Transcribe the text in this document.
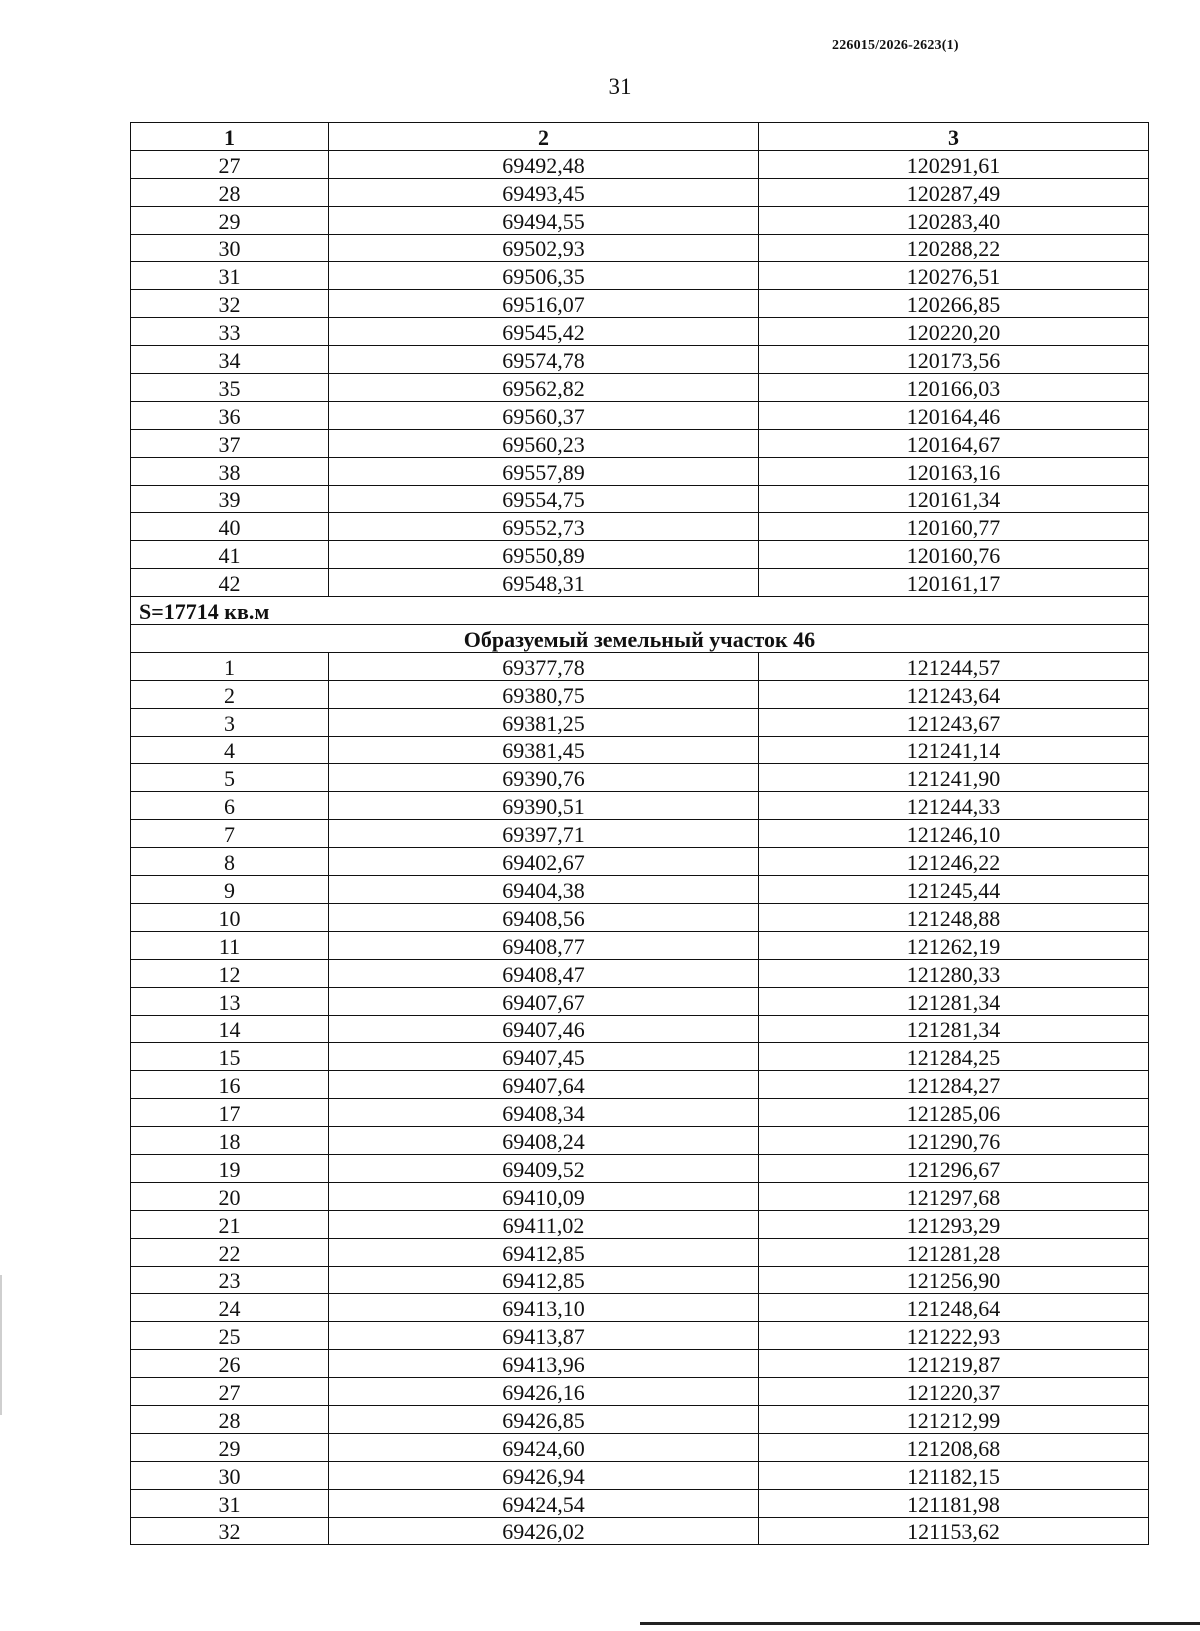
226015/2026-2623(1)
31
1	2	3
27	69492,48	120291,61
28	69493,45	120287,49
29	69494,55	120283,40
30	69502,93	120288,22
31	69506,35	120276,51
32	69516,07	120266,85
33	69545,42	120220,20
34	69574,78	120173,56
35	69562,82	120166,03
36	69560,37	120164,46
37	69560,23	120164,67
38	69557,89	120163,16
39	69554,75	120161,34
40	69552,73	120160,77
41	69550,89	120160,76
42	69548,31	120161,17
S=17714 кв.м		
Образуемый земельный участок 46		
1	69377,78	121244,57
2	69380,75	121243,64
3	69381,25	121243,67
4	69381,45	121241,14
5	69390,76	121241,90
6	69390,51	121244,33
7	69397,71	121246,10
8	69402,67	121246,22
9	69404,38	121245,44
10	69408,56	121248,88
11	69408,77	121262,19
12	69408,47	121280,33
13	69407,67	121281,34
14	69407,46	121281,34
15	69407,45	121284,25
16	69407,64	121284,27
17	69408,34	121285,06
18	69408,24	121290,76
19	69409,52	121296,67
20	69410,09	121297,68
21	69411,02	121293,29
22	69412,85	121281,28
23	69412,85	121256,90
24	69413,10	121248,64
25	69413,87	121222,93
26	69413,96	121219,87
27	69426,16	121220,37
28	69426,85	121212,99
29	69424,60	121208,68
30	69426,94	121182,15
31	69424,54	121181,98
32	69426,02	121153,62
